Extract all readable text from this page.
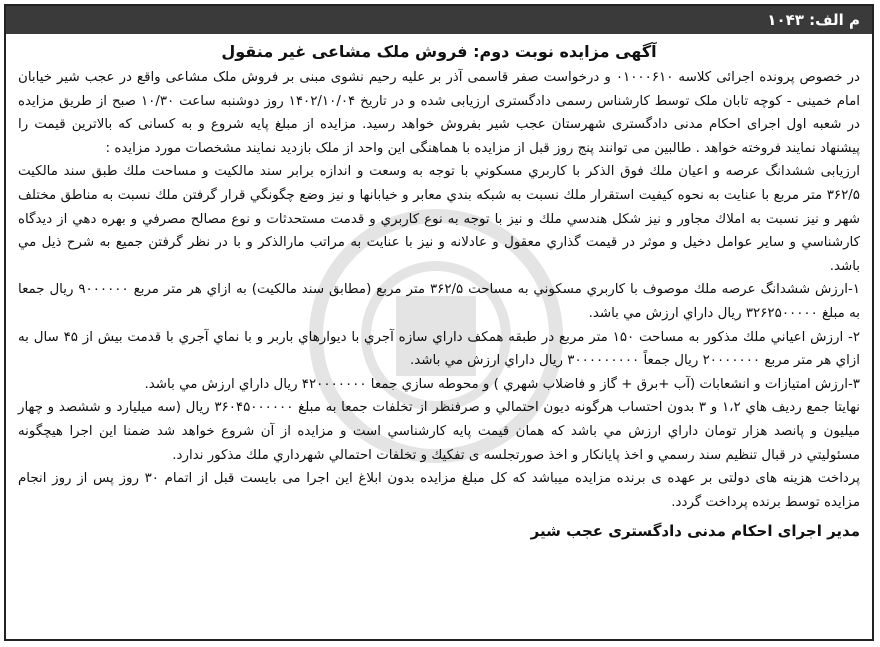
م الف: ۱۰۴۳
آگهی مزایده نوبت دوم: فروش ملک مشاعی غیر منقول

در خصوص پرونده اجرائی کلاسه ۰۱۰۰۰۶۱۰ و درخواست صفر قاسمی آذر بر علیه رحیم نشوی مبنی بر فروش ملک مشاعی واقع در عجب شیر خیابان امام خمینی - کوچه تابان ملک توسط کارشناس رسمی دادگستری ارزیابی شده و در تاریخ ۱۴۰۲/۱۰/۰۴ روز دوشنبه ساعت ۱۰/۳۰ صبح از طریق مزایده در شعبه اول اجرای احکام مدنی دادگستری شهرستان عجب شیر بفروش خواهد رسید. مزایده از مبلغ پایه شروع و به کسانی که بالاترین قیمت را پیشنهاد نمایند فروخته خواهد . طالبین می توانند پنج روز قبل از مزایده با هماهنگی این واحد از ملک بازدید نمایند مشخصات مورد مزایده :

ارزیابی ششدانگ عرصه و اعیان ملك فوق الذكر با كاربري مسكوني با توجه به وسعت و اندازه برابر سند مالكيت و مساحت ملك طبق سند مالكيت ۳۶۲/۵ متر مربع با عنايت به نحوه كيفيت استقرار ملك نسبت به شبكه بندي معابر و خيابانها و نيز وضع چگونگي قرار گرفتن ملك نسبت به مناطق مختلف شهر و نيز نسبت به املاك مجاور و نيز شكل هندسي ملك و نيز با توجه به نوع كاربري و قدمت مستحدثات و نوع مصالح مصرفي و بهره دهي از ديدگاه كارشناسي و ساير عوامل دخيل و موثر در قيمت گذاري معقول و عادلانه و نيز با عنايت به مراتب مارالذكر و با در نظر گرفتن جميع به شرح ذيل مي باشد.

۱-ارزش ششدانگ عرصه ملك موصوف با كاربري مسكوني به مساحت ۳۶۲/۵ متر مربع (مطابق سند مالكيت) به ازاي هر متر مربع ۹۰۰۰۰۰۰ ريال جمعا به مبلغ ۳۲۶۲۵۰۰۰۰۰ ريال داراي ارزش مي باشد.

۲- ارزش اعياني ملك مذكور به مساحت ۱۵۰ متر مربع در طبقه همكف داراي سازه آجري با ديوارهاي باربر و با نماي آجري با قدمت بيش از ۴۵ سال به ازاي هر متر مربع ۲۰۰۰۰۰۰۰ ريال جمعاً ۳۰۰۰۰۰۰۰۰۰ ريال داراي ارزش مي باشد.

۳-ارزش امتيازات و انشعابات (آب +برق + گاز و فاضلاب شهري ) و محوطه سازي جمعا ۴۲۰۰۰۰۰۰۰ ريال داراي ارزش مي باشد.

نهايتا جمع رديف هاي ۱،۲ و ۳ بدون احتساب هرگونه ديون احتمالي و صرفنظر از تخلفات جمعا به مبلغ ۳۶۰۴۵۰۰۰۰۰۰ ريال (سه ميليارد و ششصد و چهار ميليون و پانصد هزار تومان داراي ارزش مي باشد كه همان قيمت پايه كارشناسي است و مزايده از آن شروع خواهد شد ضمنا اين اجرا هيچگونه مسئوليتي در قبال تنظيم سند رسمي و اخذ پايانكار و اخذ صورتجلسه ی تفكيك و تخلفات احتمالي شهرداري ملك مذكور ندارد.

پرداخت هزينه های دولتی بر عهده ی برنده مزايده ميباشد كه كل مبلغ مزايده بدون ابلاغ اين اجرا می بايست قبل از اتمام ۳۰ روز پس از روز انجام مزايده توسط برنده پرداخت گردد.

مدير اجرای احكام مدنی دادگستری عجب شير
